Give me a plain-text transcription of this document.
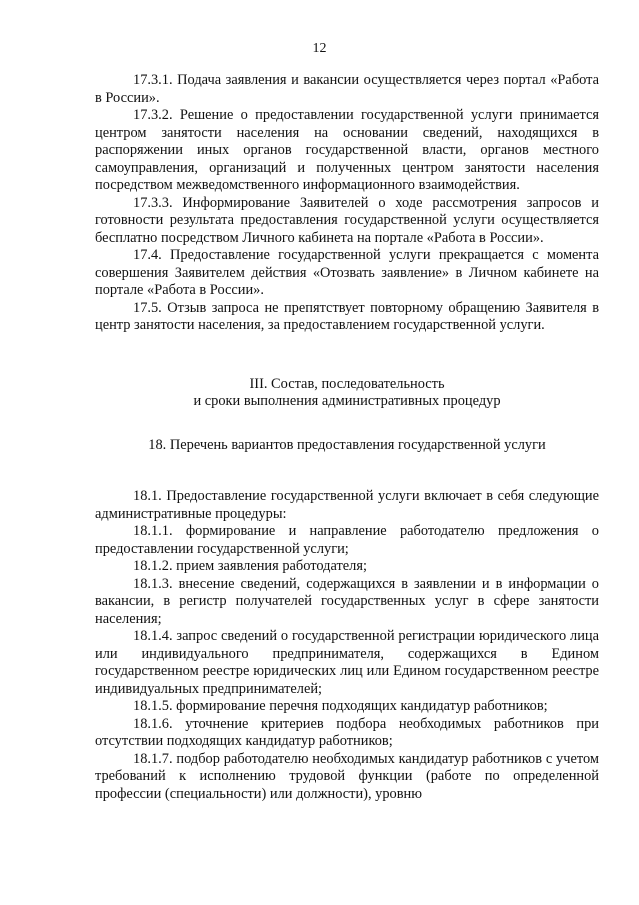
12

17.3.1. Подача заявления и вакансии осуществляется через портал «Работа в России».

17.3.2. Решение о предоставлении государственной услуги принимается центром занятости населения на основании сведений, находящихся в распоряжении иных органов государственной власти, органов местного самоуправления, организаций и полученных центром занятости населения посредством межведомственного информационного взаимодействия.

17.3.3. Информирование Заявителей о ходе рассмотрения запросов и готовности результата предоставления государственной услуги осуществляется бесплатно посредством Личного кабинета на портале «Работа в России».

17.4. Предоставление государственной услуги прекращается с момента совершения Заявителем действия «Отозвать заявление» в Личном кабинете на портале «Работа в России».

17.5. Отзыв запроса не препятствует повторному обращению Заявителя в центр занятости населения, за предоставлением государственной услуги.

III. Состав, последовательность

и сроки выполнения административных процедур

18. Перечень вариантов предоставления государственной услуги

18.1. Предоставление государственной услуги включает в себя следующие административные процедуры:

18.1.1. формирование и направление работодателю предложения о предоставлении государственной услуги;

18.1.2. прием заявления работодателя;

18.1.3. внесение сведений, содержащихся в заявлении и в информации о вакансии, в регистр получателей государственных услуг в сфере занятости населения;

18.1.4. запрос сведений о государственной регистрации юридического лица или индивидуального предпринимателя, содержащихся в Едином государственном реестре юридических лиц или Едином государственном реестре индивидуальных предпринимателей;

18.1.5. формирование перечня подходящих кандидатур работников;

18.1.6. уточнение критериев подбора необходимых работников при отсутствии подходящих кандидатур работников;

18.1.7. подбор работодателю необходимых кандидатур работников с учетом требований к исполнению трудовой функции (работе по определенной профессии (специальности) или должности), уровню
